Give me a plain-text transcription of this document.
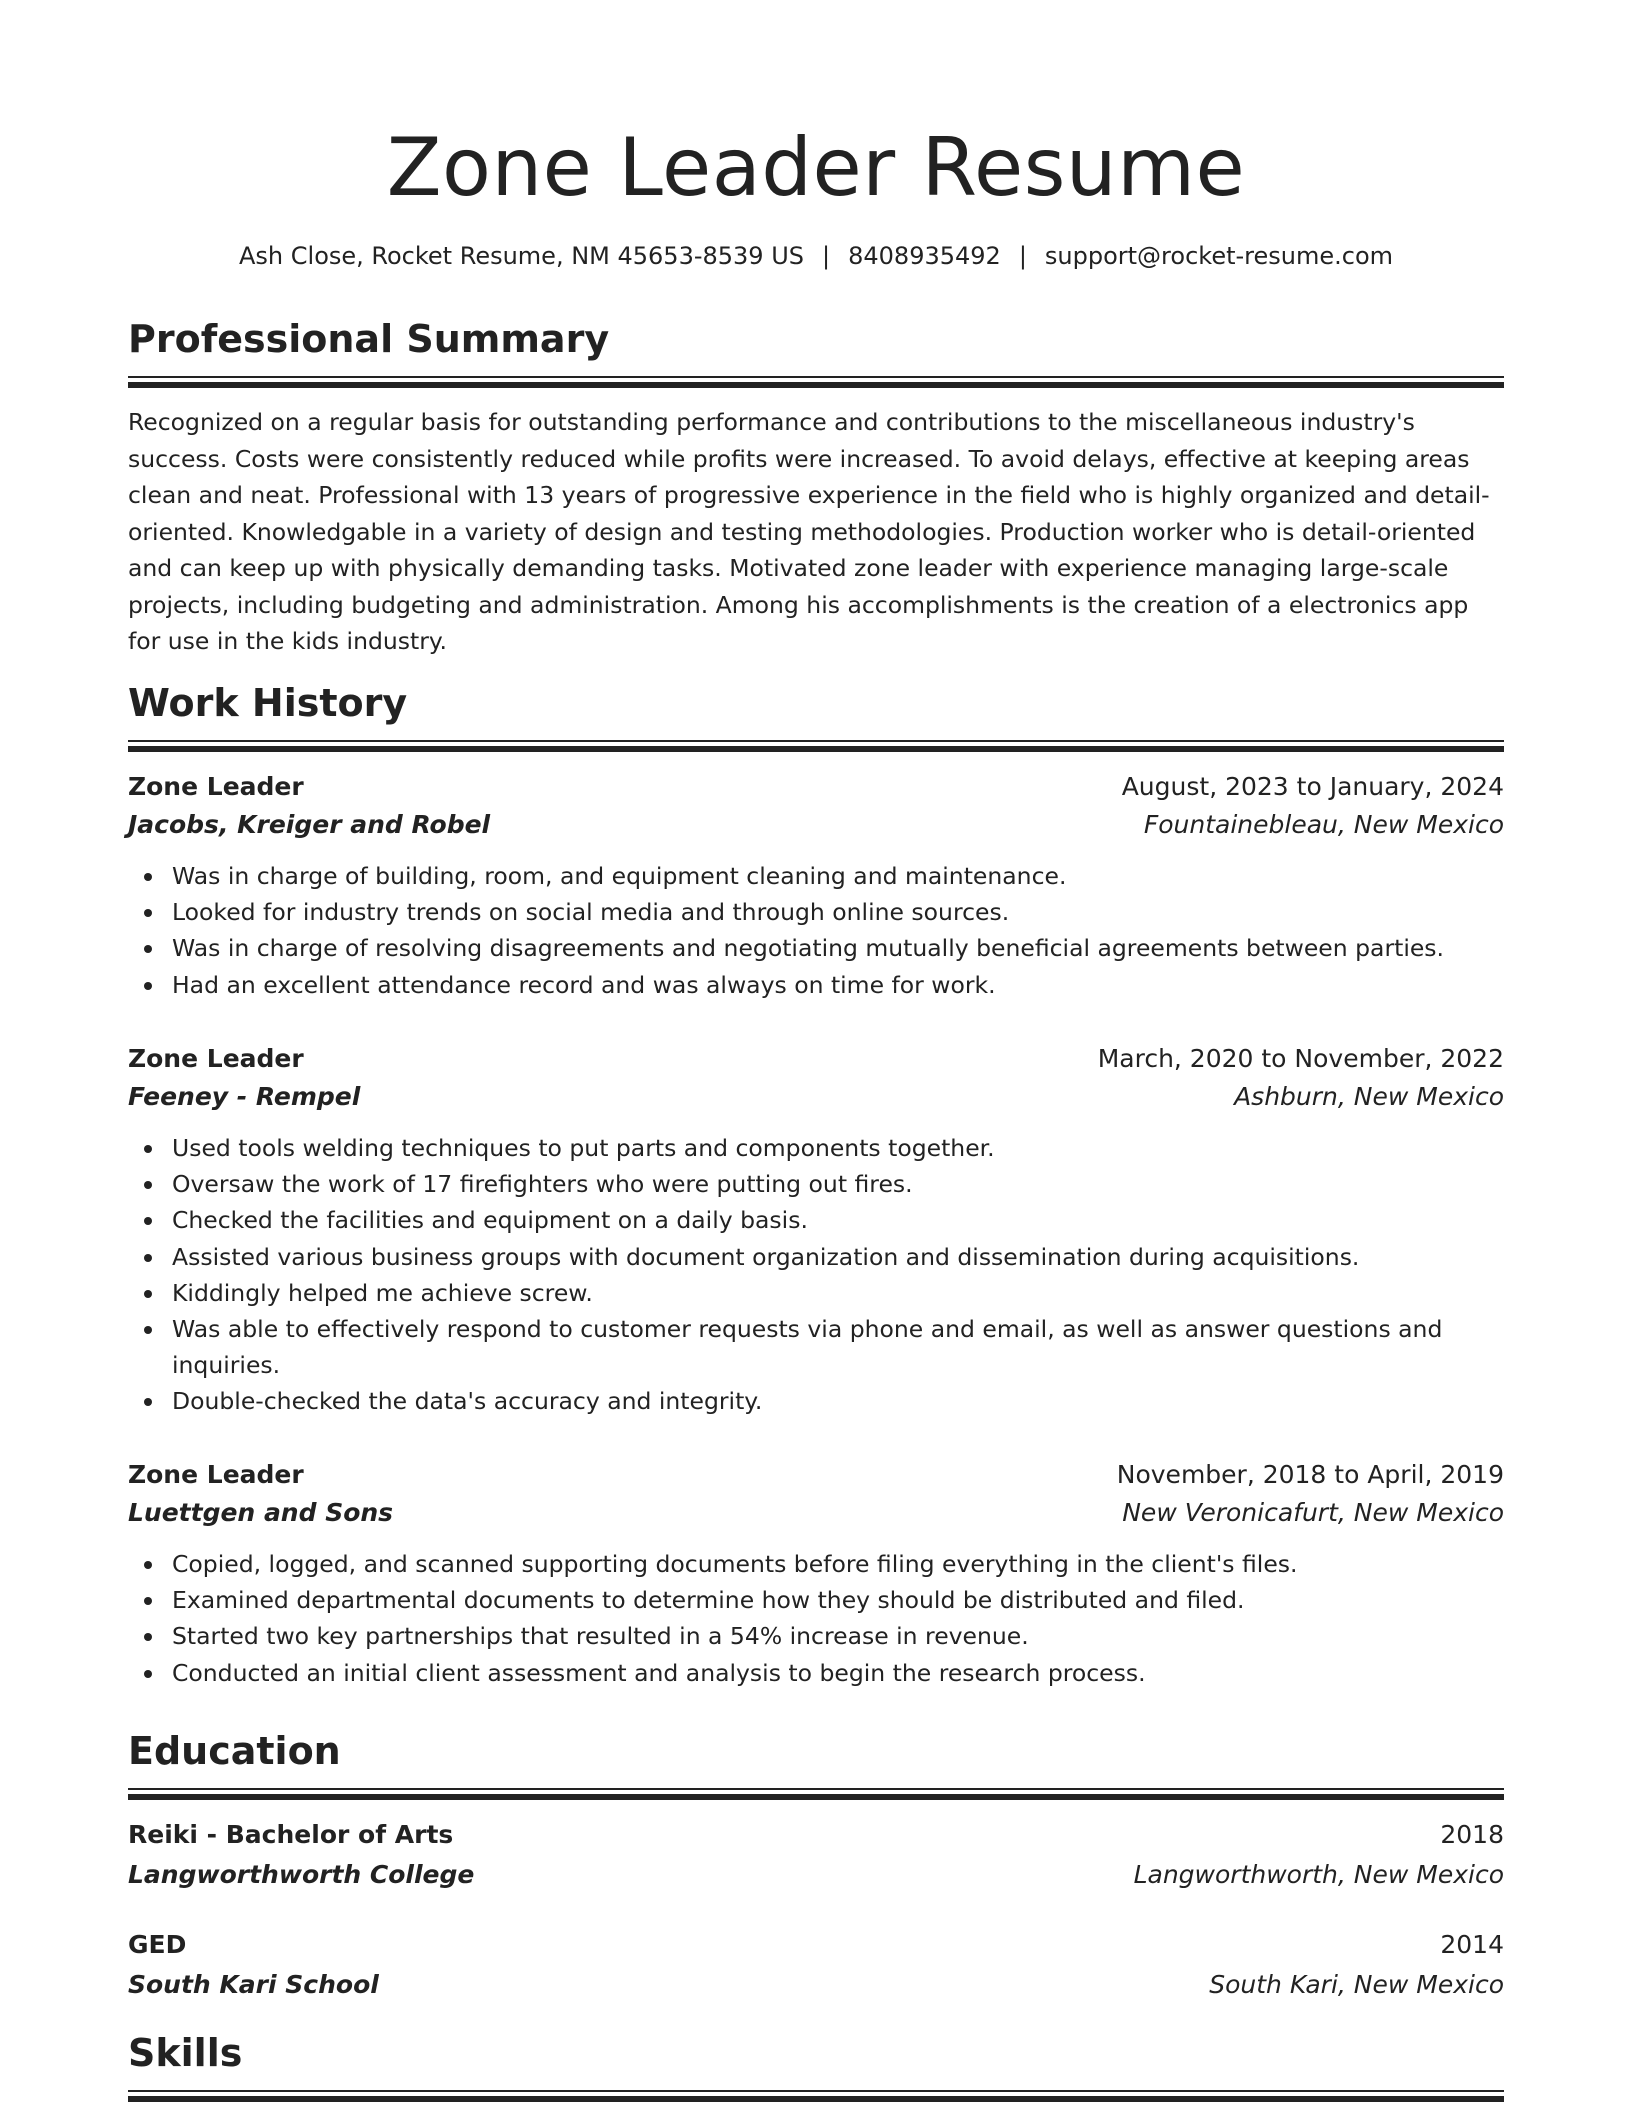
Zone Leader Resume
Ash Close, Rocket Resume, NM 45653-8539 US | 8408935492 | support@rocket-resume.com
Professional Summary
Recognized on a regular basis for outstanding performance and contributions to the miscellaneous industry's success. Costs were consistently reduced while profits were increased. To avoid delays, effective at keeping areas clean and neat. Professional with 13 years of progressive experience in the field who is highly organized and detail-oriented. Knowledgable in a variety of design and testing methodologies. Production worker who is detail-oriented and can keep up with physically demanding tasks. Motivated zone leader with experience managing large-scale projects, including budgeting and administration. Among his accomplishments is the creation of a electronics app for use in the kids industry.
Work History
Zone Leader	August, 2023 to January, 2024
Jacobs, Kreiger and Robel	Fountainebleau, New Mexico
Was in charge of building, room, and equipment cleaning and maintenance.
Looked for industry trends on social media and through online sources.
Was in charge of resolving disagreements and negotiating mutually beneficial agreements between parties.
Had an excellent attendance record and was always on time for work.
Zone Leader	March, 2020 to November, 2022
Feeney - Rempel	Ashburn, New Mexico
Used tools welding techniques to put parts and components together.
Oversaw the work of 17 firefighters who were putting out fires.
Checked the facilities and equipment on a daily basis.
Assisted various business groups with document organization and dissemination during acquisitions.
Kiddingly helped me achieve screw.
Was able to effectively respond to customer requests via phone and email, as well as answer questions and inquiries.
Double-checked the data's accuracy and integrity.
Zone Leader	November, 2018 to April, 2019
Luettgen and Sons	New Veronicafurt, New Mexico
Copied, logged, and scanned supporting documents before filing everything in the client's files.
Examined departmental documents to determine how they should be distributed and filed.
Started two key partnerships that resulted in a 54% increase in revenue.
Conducted an initial client assessment and analysis to begin the research process.
Education
Reiki - Bachelor of Arts	2018
Langworthworth College	Langworthworth, New Mexico
GED	2014
South Kari School	South Kari, New Mexico
Skills
